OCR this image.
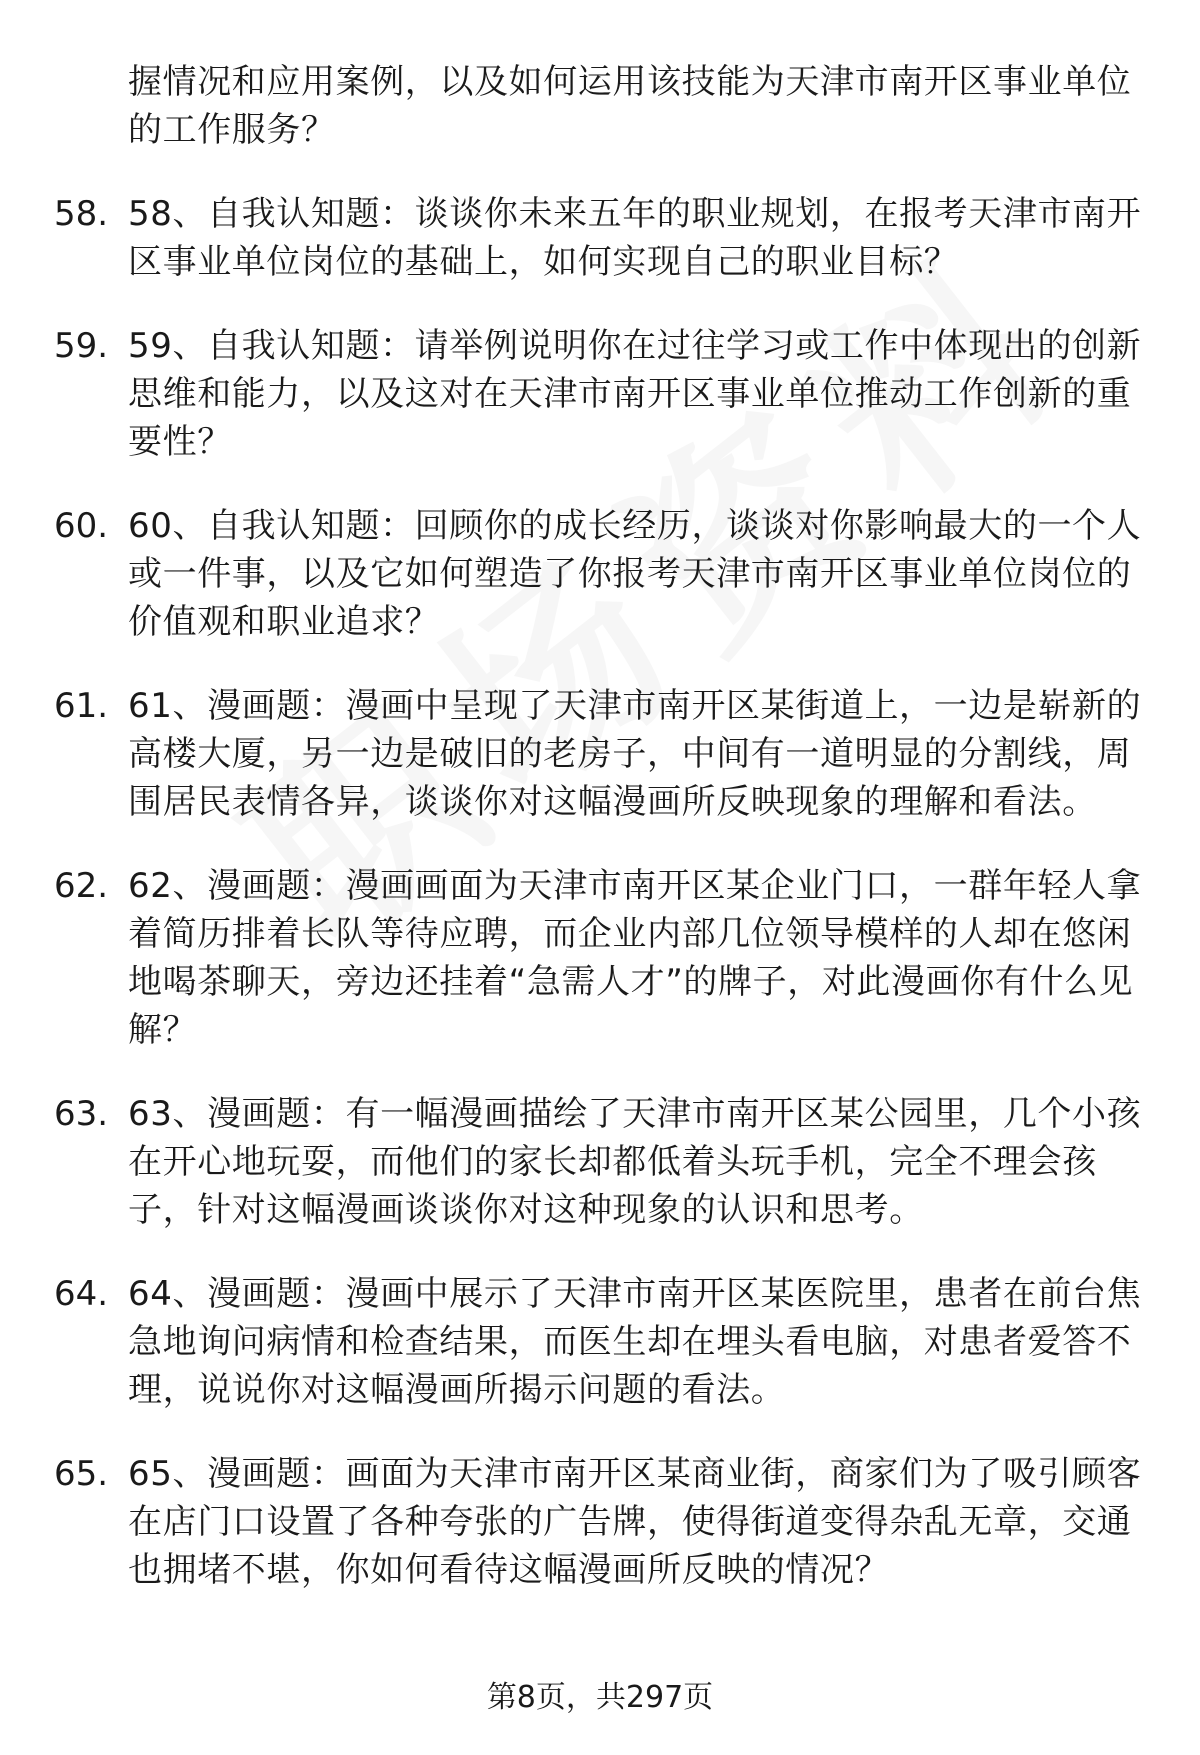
握情况和应用案例，以及如何运用该技能为天津市南开区事业单位的工作服务？
58. 58、自我认知题：谈谈你未来五年的职业规划，在报考天津市南开区事业单位岗位的基础上，如何实现自己的职业目标？
59. 59、自我认知题：请举例说明你在过往学习或工作中体现出的创新思维和能力，以及这对在天津市南开区事业单位推动工作创新的重要性？
60. 60、自我认知题：回顾你的成长经历，谈谈对你影响最大的一个人或一件事，以及它如何塑造了你报考天津市南开区事业单位岗位的价值观和职业追求？
61. 61、漫画题：漫画中呈现了天津市南开区某街道上，一边是崭新的高楼大厦，另一边是破旧的老房子，中间有一道明显的分割线，周围居民表情各异，谈谈你对这幅漫画所反映现象的理解和看法。
62. 62、漫画题：漫画画面为天津市南开区某企业门口，一群年轻人拿着简历排着长队等待应聘，而企业内部几位领导模样的人却在悠闲地喝茶聊天，旁边还挂着“急需人才”的牌子，对此漫画你有什么见解？
63. 63、漫画题：有一幅漫画描绘了天津市南开区某公园里，几个小孩在开心地玩耍，而他们的家长却都低着头玩手机，完全不理会孩子，针对这幅漫画谈谈你对这种现象的认识和思考。
64. 64、漫画题：漫画中展示了天津市南开区某医院里，患者在前台焦急地询问病情和检查结果，而医生却在埋头看电脑，对患者爱答不理，说说你对这幅漫画所揭示问题的看法。
65. 65、漫画题：画面为天津市南开区某商业街，商家们为了吸引顾客在店门口设置了各种夸张的广告牌，使得街道变得杂乱无章，交通也拥堵不堪，你如何看待这幅漫画所反映的情况？
第8页，共297页
